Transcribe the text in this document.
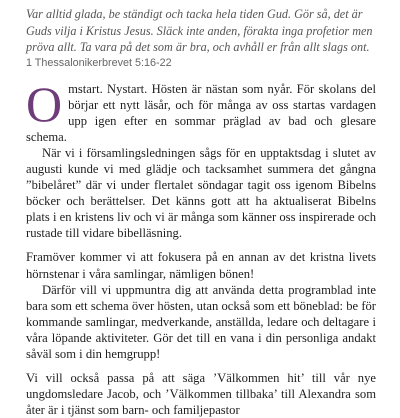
Var alltid glada, be ständigt och tacka hela tiden Gud. Gör så, det är Guds vilja i Kristus Jesus. Släck inte anden, förakta inga profetior men pröva allt. Ta vara på det som är bra, och avhåll er från allt slags ont.

1 Thessalonikerbrevet 5:16-22

Omstart. Nystart. Hösten är nästan som nyår. För skolans del börjar ett nytt läsår, och för många av oss startas vardagen upp igen efter en sommar präglad av bad och glesare schema.

När vi i församlingsledningen sågs för en upptaktsdag i slutet av augusti kunde vi med glädje och tacksamhet summera det gångna ”bibelåret” där vi under flertalet söndagar tagit oss igenom Bibelns böcker och berättelser. Det känns gott att ha aktualiserat Bibelns plats i en kristens liv och vi är många som känner oss inspirerade och rustade till vidare bibelläsning.

Framöver kommer vi att fokusera på en annan av det kristna livets hörnstenar i våra samlingar, nämligen bönen!

Därför vill vi uppmuntra dig att använda detta programblad inte bara som ett schema över hösten, utan också som ett böneblad: be för kommande samlingar, medverkande, anställda, ledare och deltagare i våra löpande aktiviteter. Gör det till en vana i din personliga andakt såväl som i din hemgrupp!

Vi vill också passa på att säga ’Välkommen hit’ till vår nye ungdomsledare Jacob, och ’Välkommen tillbaka’ till Alexandra som åter är i tjänst som barn- och familjepastor
